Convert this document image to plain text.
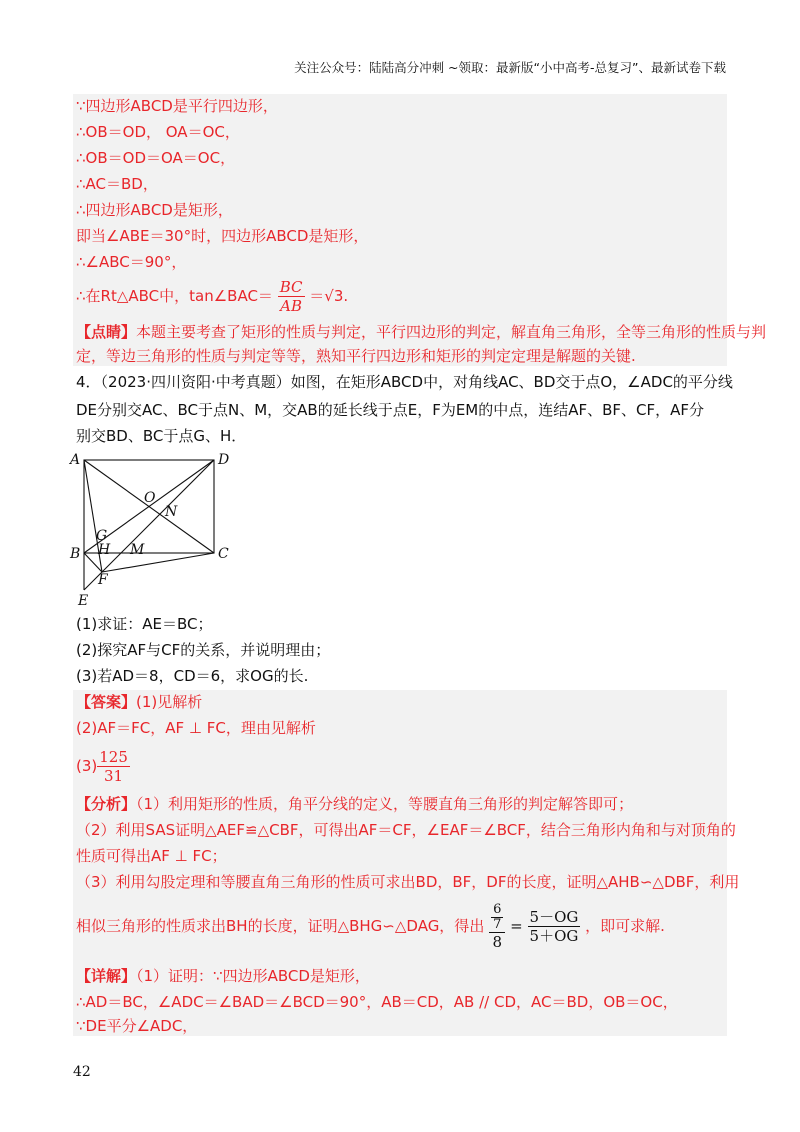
关注公众号：陆陆高分冲刺 ~领取：最新版“小中高考-总复习”、最新试卷下载
∵四边形ABCD是平行四边形，
∴OB＝OD， OA＝OC，
∴OB＝OD＝OA＝OC，
∴AC＝BD，
∴四边形ABCD是矩形，
即当∠ABE＝30°时，四边形ABCD是矩形，
∴∠ABC＝90°，
∴在Rt△ABC中，tan∠BAC＝ $\frac{BC}{AB} =√3$.
【点睛】本题主要考查了矩形的性质与判定，平行四边形的判定，解直角三角形，全等三角形的性质与判
定，等边三角形的性质与判定等等，熟知平行四边形和矩形的判定定理是解题的关键.
4．（2023·四川资阳·中考真题）如图，在矩形ABCD中，对角线AC、BD交于点O，∠ADC的平分线
DE分别交AC、BC于点N、M，交AB的延长线于点E，F为EM的中点，连结AF、BF、CF，AF分
别交BD、BC于点G、H．
A	D
O
N
G
B H M	C
F
E
(1)求证：AE＝BC；
(2)探究AF与CF的关系，并说明理由；
(3)若AD＝8，CD＝6，求OG的长.
【答案】(1)见解析
(2)AF＝FC，AF ⊥ FC，理由见解析
$(3) \frac{125}{31}$
【分析】（1）利用矩形的性质，角平分线的定义，等腰直角三角形的判定解答即可；
（2）利用SAS证明△AEF≌△CBF，可得出AF＝CF，∠EAF＝∠BCF，结合三角形内角和与对顶角的
性质可得出AF ⊥ FC；
（3）利用勾股定理和等腰直角三角形的性质可求出BD，BF，DF的长度，证明△AHB∽△DBF，利用
相似三角形的性质求出BH的长度，证明△BHG∽△DAG，得出 $\frac{\frac{6}{7}}{8} = \frac{5-OG}{5+OG}$ ，即可求解.
【详解】（1）证明：∵四边形ABCD是矩形，
∴AD＝BC，∠ADC＝∠BAD＝∠BCD＝90°，AB＝CD，AB // CD，AC＝BD，OB＝OC，
∵DE平分∠ADC，
42
